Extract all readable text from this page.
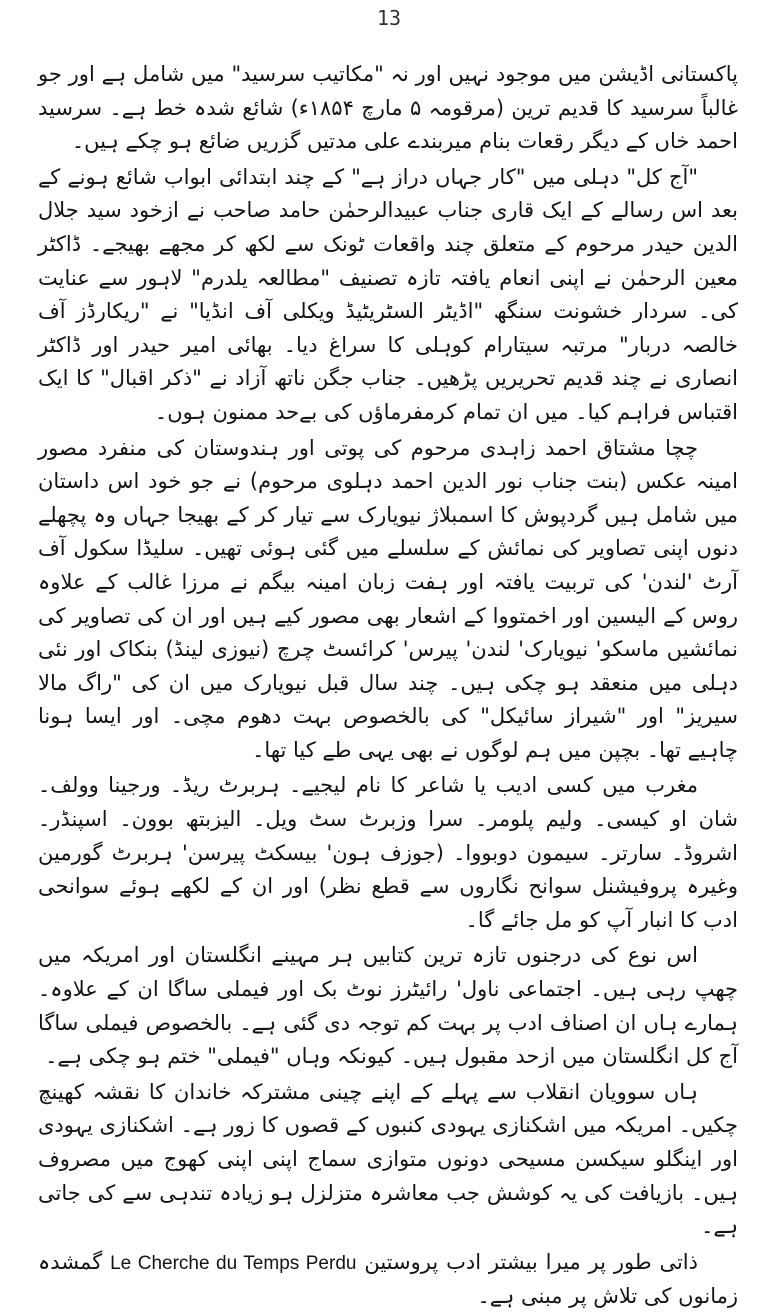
13

پاکستانی اڈیشن میں موجود نہیں اور نہ "مکاتیب سرسید" میں شامل ہے اور جو غالباً سرسید کا قدیم ترین (مرقومہ ۵ مارچ ۱۸۵۴ء) شائع شدہ خط ہے۔ سرسید احمد خاں کے دیگر رقعات بنام میربندے علی مدتیں گزریں ضائع ہو چکے ہیں۔

"آج کل" دہلی میں "کار جہاں دراز ہے" کے چند ابتدائی ابواب شائع ہونے کے بعد اس رسالے کے ایک قاری جناب عبیدالرحمٰن حامد صاحب نے ازخود سید جلال الدین حیدر مرحوم کے متعلق چند واقعات ٹونک سے لکھ کر مجھے بھیجے۔ ڈاکٹر معین الرحمٰن نے اپنی انعام یافتہ تازہ تصنیف "مطالعہ یلدرم" لاہور سے عنایت کی۔ سردار خشونت سنگھ "اڈیٹر السٹریٹیڈ ویکلی آف انڈیا" نے "ریکارڈز آف خالصہ دربار" مرتبہ سیتارام کوہلی کا سراغ دیا۔ بھائی امیر حیدر اور ڈاکٹر انصاری نے چند قدیم تحریریں پڑھیں۔ جناب جگن ناتھ آزاد نے "ذکر اقبال" کا ایک اقتباس فراہم کیا۔ میں ان تمام کرمفرماؤں کی بےحد ممنون ہوں۔

چچا مشتاق احمد زاہدی مرحوم کی پوتی اور ہندوستان کی منفرد مصور امینہ عکس (بنت جناب نور الدین احمد دہلوی مرحوم) نے جو خود اس داستان میں شامل ہیں گردپوش کا اسمبلاژ نیویارک سے تیار کر کے بھیجا جہاں وہ پچھلے دنوں اپنی تصاویر کی نمائش کے سلسلے میں گئی ہوئی تھیں۔ سلیڈا سکول آف آرٹ 'لندن' کی تربیت یافتہ اور ہفت زبان امینہ بیگم نے مرزا غالب کے علاوہ روس کے الیسین اور اخمتووا کے اشعار بھی مصور کیے ہیں اور ان کی تصاویر کی نمائشیں ماسکو' نیویارک' لندن' پیرس' کرائسٹ چرچ (نیوزی لینڈ) بنکاک اور نئی دہلی میں منعقد ہو چکی ہیں۔ چند سال قبل نیویارک میں ان کی "راگ مالا سیریز" اور "شیراز سائیکل" کی بالخصوص بہت دھوم مچی۔ اور ایسا ہونا چاہیے تھا۔ بچپن میں ہم لوگوں نے بھی یہی طے کیا تھا۔

مغرب میں کسی ادیب یا شاعر کا نام لیجیے۔ ہربرٹ ریڈ۔ ورجینا وولف۔ شان او کیسی۔ ولیم پلومر۔ سرا وزبرٹ سٹ ویل۔ الیزبتھ بوون۔ اسپنڈر۔ اشروڈ۔ سارتر۔ سیمون دوبووا۔ (جوزف ہون' بیسکٹ پیرسن' ہربرٹ گورمین وغیرہ پروفیشنل سوانح نگاروں سے قطع نظر) اور ان کے لکھے ہوئے سوانحی ادب کا انبار آپ کو مل جائے گا۔

اس نوع کی درجنوں تازہ ترین کتابیں ہر مہینے انگلستان اور امریکہ میں چھپ رہی ہیں۔ اجتماعی ناول' رائیٹرز نوٹ بک اور فیملی ساگا ان کے علاوہ۔ ہمارے ہاں ان اصناف ادب پر بہت کم توجہ دی گئی ہے۔ بالخصوص فیملی ساگا آج کل انگلستان میں ازحد مقبول ہیں۔ کیونکہ وہاں "فیملی" ختم ہو چکی ہے۔

ہاں سوویان انقلاب سے پہلے کے اپنے چینی مشترکہ خاندان کا نقشہ کھینچ چکیں۔ امریکہ میں اشکنازی یہودی کنبوں کے قصوں کا زور ہے۔ اشکنازی یہودی اور اینگلو سیکسن مسیحی دونوں متوازی سماج اپنی اپنی کھوج میں مصروف ہیں۔ بازیافت کی یہ کوشش جب معاشرہ متزلزل ہو زیادہ تندہی سے کی جاتی ہے۔

ذاتی طور پر میرا بیشتر ادب پروستین Le Cherche du Temps Perdu گمشدہ زمانوں کی تلاش پر مبنی ہے۔
